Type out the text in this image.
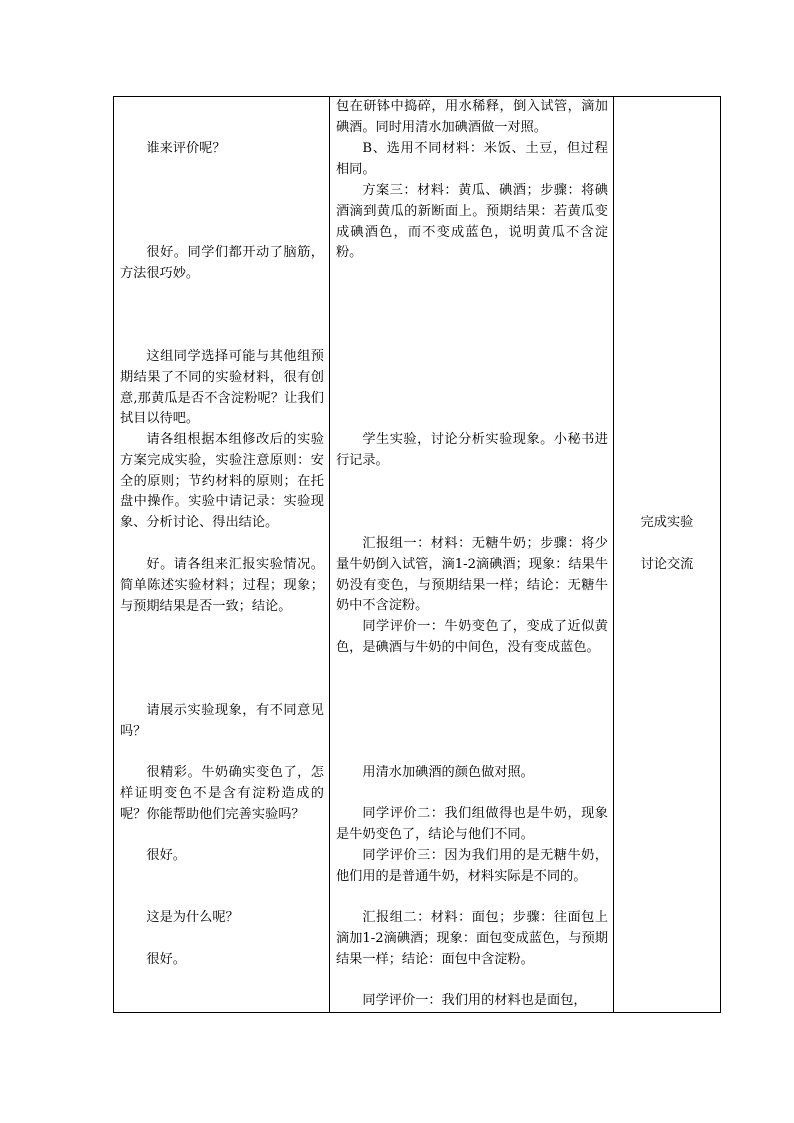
谁来评价呢？

很好。同学们都开动了脑筋，方法很巧妙。

这组同学选择可能与其他组预期结果了不同的实验材料，很有创意,那黄瓜是否不含淀粉呢？让我们拭目以待吧。

请各组根据本组修改后的实验方案完成实验，实验注意原则：安全的原则；节约材料的原则；在托盘中操作。实验中请记录：实验现象、分析讨论、得出结论。

好。请各组来汇报实验情况。简单陈述实验材料；过程；现象；与预期结果是否一致；结论。

请展示实验现象，有不同意见吗？

很精彩。牛奶确实变色了，怎样证明变色不是含有淀粉造成的呢？你能帮助他们完善实验吗？

很好。

这是为什么呢？

很好。

包在研钵中捣碎，用水稀释，倒入试管，滴加碘酒。同时用清水加碘酒做一对照。

B、选用不同材料：米饭、土豆，但过程相同。

方案三：材料：黄瓜、碘酒；步骤：将碘酒滴到黄瓜的新断面上。预期结果：若黄瓜变成碘酒色，而不变成蓝色，说明黄瓜不含淀粉。

学生实验，讨论分析实验现象。小秘书进行记录。

汇报组一：材料：无糖牛奶；步骤：将少量牛奶倒入试管，滴1-2滴碘酒；现象：结果牛奶没有变色，与预期结果一样；结论：无糖牛奶中不含淀粉。

同学评价一：牛奶变色了，变成了近似黄色，是碘酒与牛奶的中间色，没有变成蓝色。

用清水加碘酒的颜色做对照。

同学评价二：我们组做得也是牛奶，现象是牛奶变色了，结论与他们不同。

同学评价三：因为我们用的是无糖牛奶，他们用的是普通牛奶，材料实际是不同的。

汇报组二：材料：面包；步骤：往面包上滴加1-2滴碘酒；现象：面包变成蓝色，与预期结果一样；结论：面包中含淀粉。

同学评价一：我们用的材料也是面包，

完成实验

讨论交流
